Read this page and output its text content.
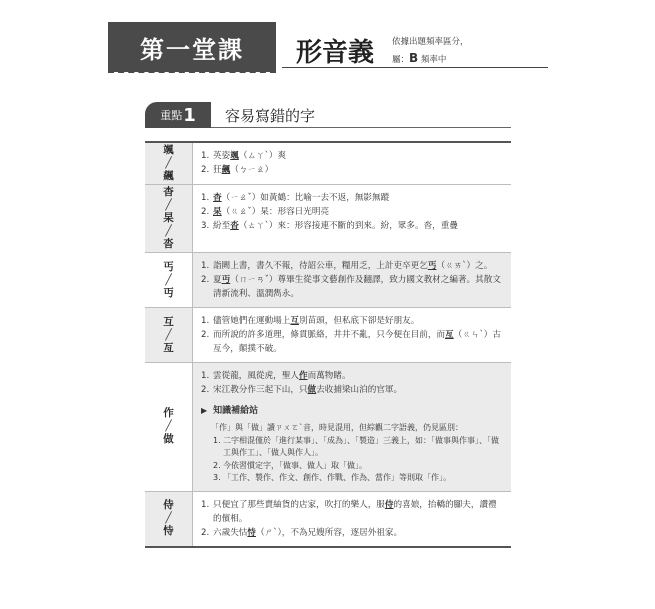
第一堂課	形音義 依據出題頻率區分，
屬：B 頻率中
重點 1 容易寫錯的字
颯
╱
飆
1. 英姿颯（ㄙㄚˋ）爽
2. 狂飆（ㄅㄧㄠ）
杳
╱
杲
╱
沓
1. 杳（ㄧㄠˇ）如黃鶴：比喻一去不返，無影無蹤
2. 杲（ㄍㄠˇ）杲：形容日光明亮
3. 紛至沓（ㄊㄚˋ）來：形容接連不斷的到來。紛，眾多。沓，重疊
丐
╱
丏
1. 詣闕上書，書久不報，待詔公車，糧用乏，上計吏卒更乞丐（ㄍㄞˋ）之。
2. 夏丏（ㄇㄧㄢˇ）尊畢生從事文藝創作及翻譯，致力國文教材之編著。其散文清新流利、溫潤雋永。
互
╱
亙
1. 儘管她們在運動場上互別苗頭，但私底下卻是好朋友。
2. 而所說的許多道理，條貫脈絡，井井不亂，只今便在目前，而亙（ㄍㄣˋ）古亙今，顛撲不破。
作
╱
做
1. 雲從龍，風從虎，聖人作而萬物睹。
2. 宋江教分作三起下山，只做去收捕梁山泊的官軍。
▶ 知識補給站
「作」與「做」讀ㄗㄨㄛˋ音，時見混用，但綜觀二字語義，仍見區別：
1. 二字相混僅於「進行某事」、「成為」、「製造」三義上，如：「做事與作事」、「做工與作工」、「做人與作人」。
2. 今依習慣定字，「做事、做人」取「做」。
3. 「工作、製作、作文、創作、作戰、作為、當作」等則取「作」。
侍
╱
恃
1. 只便宜了那些賣紬貨的店家，吹打的樂人，服侍的喜娘，抬轎的腳夫，讚禮的儐相。
2. 六歲失怙恃（ㄕˋ），不為兄嫂所容，逐居外祖家。
